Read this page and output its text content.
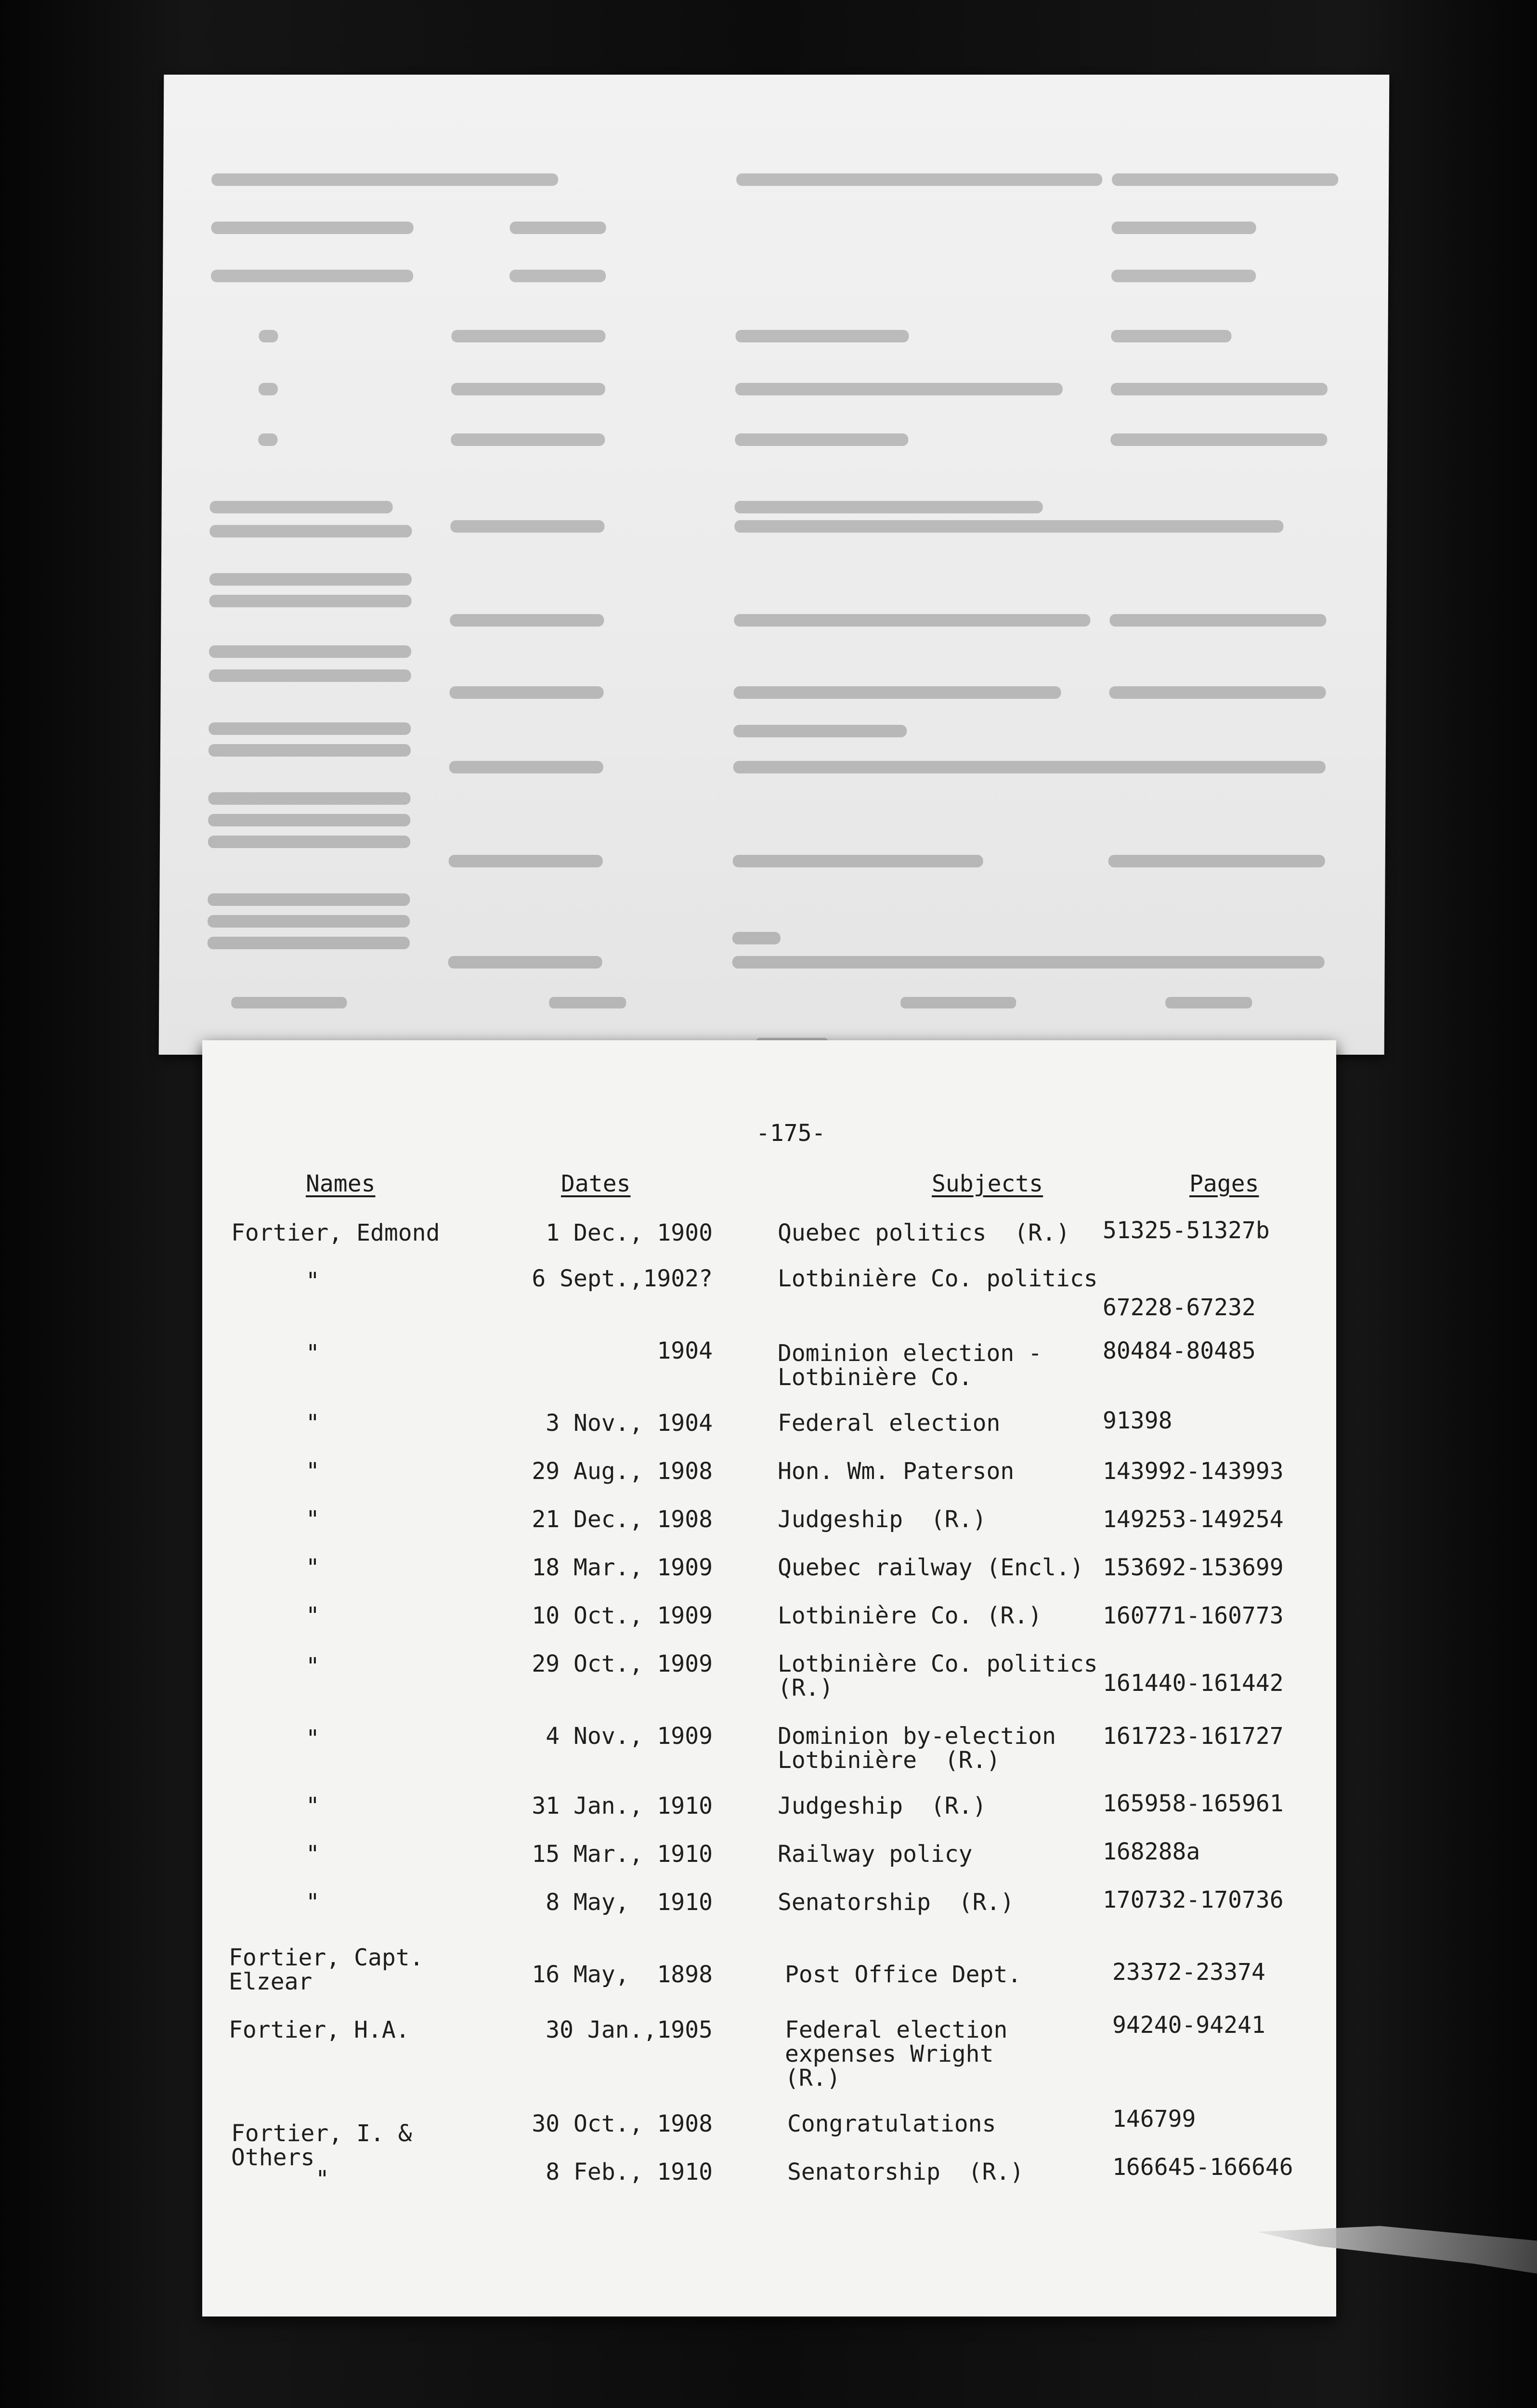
-175-
Names	Dates	Subjects	Pages
Fortier, Edmond	1 Dec., 1900	Quebec politics  (R.) 51325-51327b
"	6 Sept.,1902?	Lotbinière Co. politics
67228-67232
"	1904	Dominion election -
Lotbinière Co.
80484-80485
"	3 Nov., 1904	Federal election	91398
"	29 Aug., 1908	Hon. Wm. Paterson	143992-143993
"	21 Dec., 1908	Judgeship  (R.)	149253-149254
"	18 Mar., 1909	Quebec railway (Encl.) 153692-153699
"	10 Oct., 1909	Lotbinière Co. (R.)	160771-160773
"	29 Oct., 1909	Lotbinière Co. politics
(R.)	161440-161442
"	4 Nov., 1909	Dominion by-election
Lotbinière  (R.)
161723-161727
"	31 Jan., 1910	Judgeship  (R.)	165958-165961
"	15 Mar., 1910	Railway policy	168288a
"	8 May,  1910	Senatorship  (R.)	170732-170736
Fortier, Capt.
Elzear	16 May,  1898	Post Office Dept.	23372-23374
Fortier, H.A.	30 Jan.,1905	Federal election
expenses Wright
(R.)
94240-94241
Fortier, I. &
Others
30 Oct., 1908	Congratulations	146799
"	8 Feb., 1910	Senatorship  (R.)	166645-166646
